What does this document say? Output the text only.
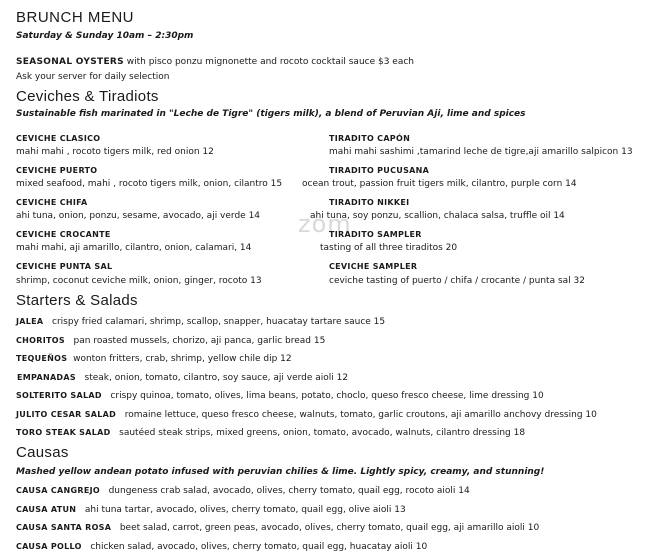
zom
BRUNCH MENU
Saturday & Sunday 10am – 2:30pm
SEASONAL OYSTERS with pisco ponzu mignonette and rocoto cocktail sauce $3 each
Ask your server for daily selection
Ceviches & Tiradiots
Sustainable fish marinated in "Leche de Tigre" (tigers milk), a blend of Peruvian Aji, lime and spices
CEVICHE CLASICO
mahi mahi , rocoto tigers milk, red onion 12
CEVICHE PUERTO
mixed seafood, mahi , rocoto tigers milk, onion, cilantro 15
CEVICHE CHIFA
ahi tuna, onion, ponzu, sesame, avocado, aji verde 14
CEVICHE CROCANTE
mahi mahi, aji amarillo, cilantro, onion, calamari, 14
CEVICHE PUNTA SAL
shrimp, coconut ceviche milk, onion, ginger, rocoto 13
TIRADITO CAPÓN
mahi mahi sashimi ,tamarind leche de tigre,aji amarillo salpicon 13
TIRADITO PUCUSANA
ocean trout, passion fruit tigers milk, cilantro, purple corn 14
TIRADITO NIKKEI
ahi tuna, soy ponzu, scallion, chalaca salsa, truffle oil 14
TIRADITO SAMPLER
tasting of all three tiraditos 20
CEVICHE SAMPLER
ceviche tasting of puerto / chifa / crocante / punta sal 32
Starters & Salads
JALEA crispy fried calamari, shrimp, scallop, snapper, huacatay tartare sauce 15
CHORITOS pan roasted mussels, chorizo, aji panca, garlic bread 15
TEQUEÑOS wonton fritters, crab, shrimp, yellow chile dip 12
EMPANADAS steak, onion, tomato, cilantro, soy sauce, aji verde aioli 12
SOLTERITO SALAD crispy quinoa, tomato, olives, lima beans, potato, choclo, queso fresco cheese, lime dressing 10
JULITO CESAR SALAD romaine lettuce, queso fresco cheese, walnuts, tomato, garlic croutons, aji amarillo anchovy dressing 10
TORO STEAK SALAD sautéed steak strips, mixed greens, onion, tomato, avocado, walnuts, cilantro dressing 18
Causas
Mashed yellow andean potato infused with peruvian chilies & lime. Lightly spicy, creamy, and stunning!
CAUSA CANGREJO dungeness crab salad, avocado, olives, cherry tomato, quail egg, rocoto aioli 14
CAUSA ATUN ahi tuna tartar, avocado, olives, cherry tomato, quail egg, olive aioli 13
CAUSA SANTA ROSA beet salad, carrot, green peas, avocado, olives, cherry tomato, quail egg, aji amarillo aioli 10
CAUSA POLLO chicken salad, avocado, olives, cherry tomato, quail egg, huacatay aioli 10
